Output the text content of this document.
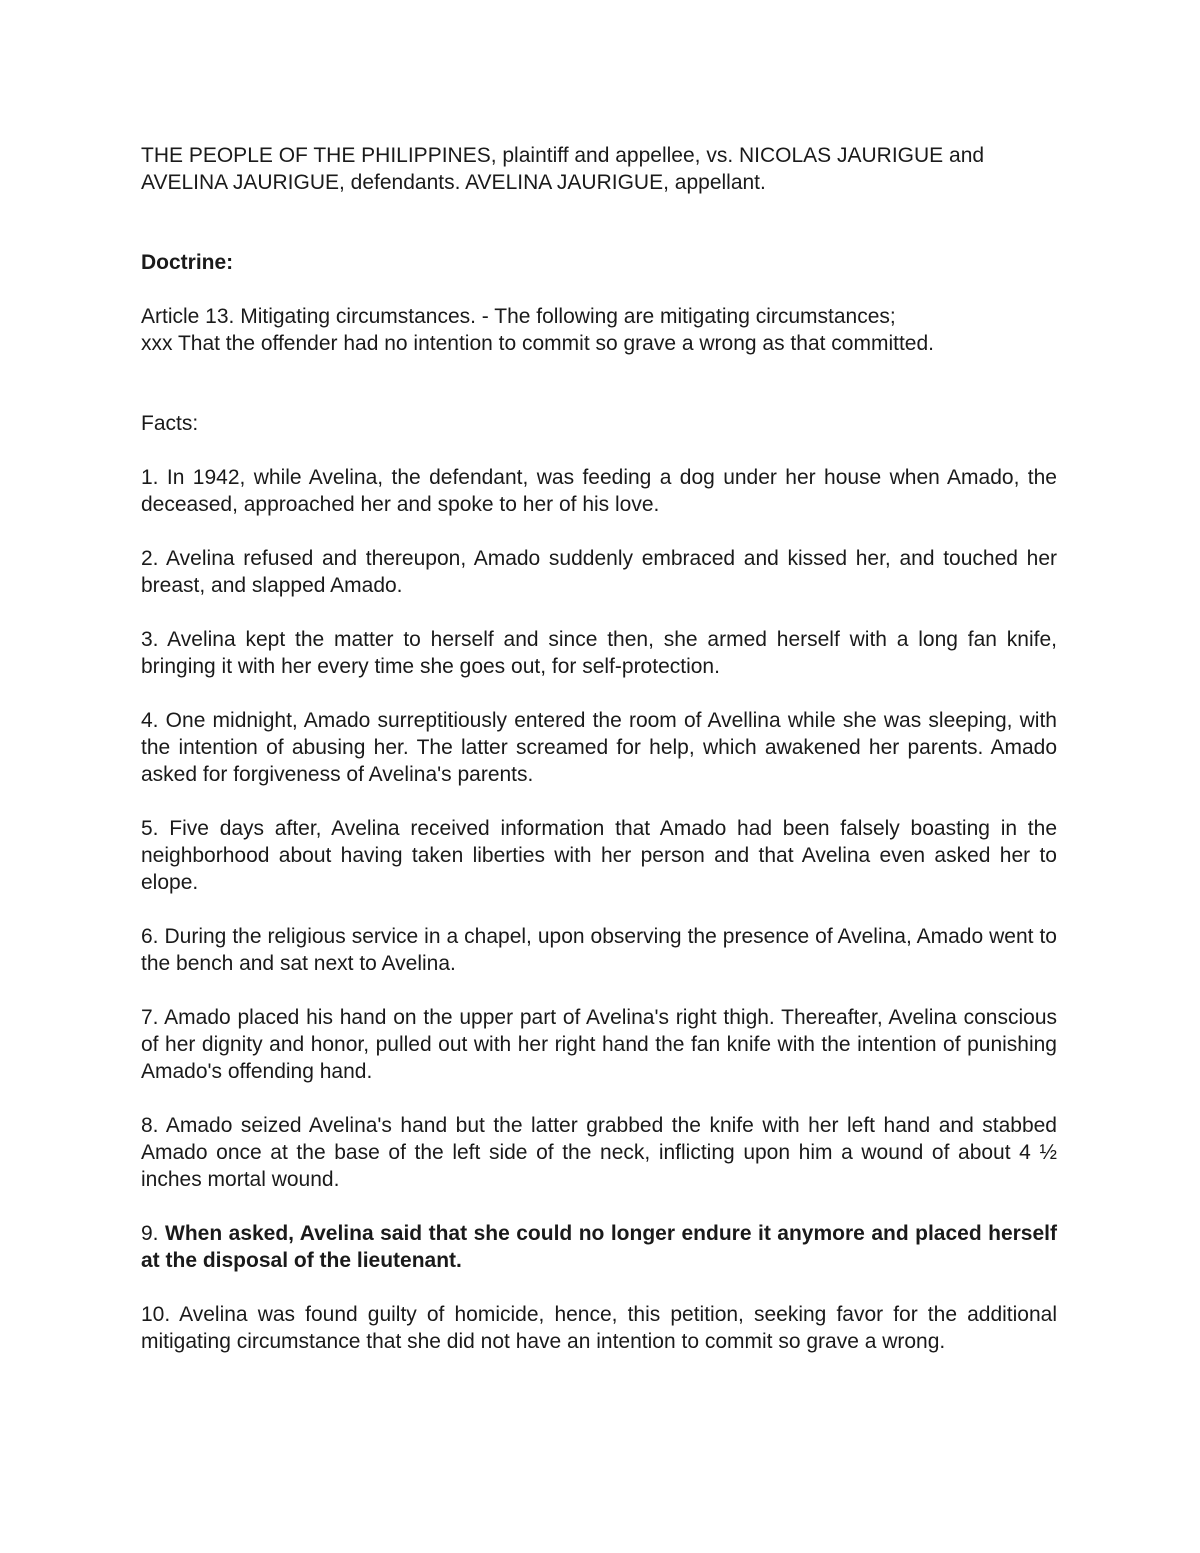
THE PEOPLE OF THE PHILIPPINES, plaintiff and appellee, vs. NICOLAS JAURIGUE and AVELINA JAURIGUE, defendants. AVELINA JAURIGUE, appellant.

Doctrine:

Article 13. Mitigating circumstances. - The following are mitigating circumstances;
xxx That the offender had no intention to commit so grave a wrong as that committed.

Facts:

1. In 1942, while Avelina, the defendant, was feeding a dog under her house when Amado, the deceased, approached her and spoke to her of his love.

2. Avelina refused and thereupon, Amado suddenly embraced and kissed her, and touched her breast, and slapped Amado.

3. Avelina kept the matter to herself and since then, she armed herself with a long fan knife, bringing it with her every time she goes out, for self-protection.

4. One midnight, Amado surreptitiously entered the room of Avellina while she was sleeping, with the intention of abusing her. The latter screamed for help, which awakened her parents. Amado asked for forgiveness of Avelina's parents.

5. Five days after, Avelina received information that Amado had been falsely boasting in the neighborhood about having taken liberties with her person and that Avelina even asked her to elope.

6. During the religious service in a chapel, upon observing the presence of Avelina, Amado went to the bench and sat next to Avelina.

7. Amado placed his hand on the upper part of Avelina's right thigh. Thereafter, Avelina conscious of her dignity and honor, pulled out with her right hand the fan knife with the intention of punishing Amado's offending hand.

8. Amado seized Avelina's hand but the latter grabbed the knife with her left hand and stabbed Amado once at the base of the left side of the neck, inflicting upon him a wound of about 4 ½ inches mortal wound.

9. When asked, Avelina said that she could no longer endure it anymore and placed herself at the disposal of the lieutenant.

10. Avelina was found guilty of homicide, hence, this petition, seeking favor for the additional mitigating circumstance that she did not have an intention to commit so grave a wrong.
